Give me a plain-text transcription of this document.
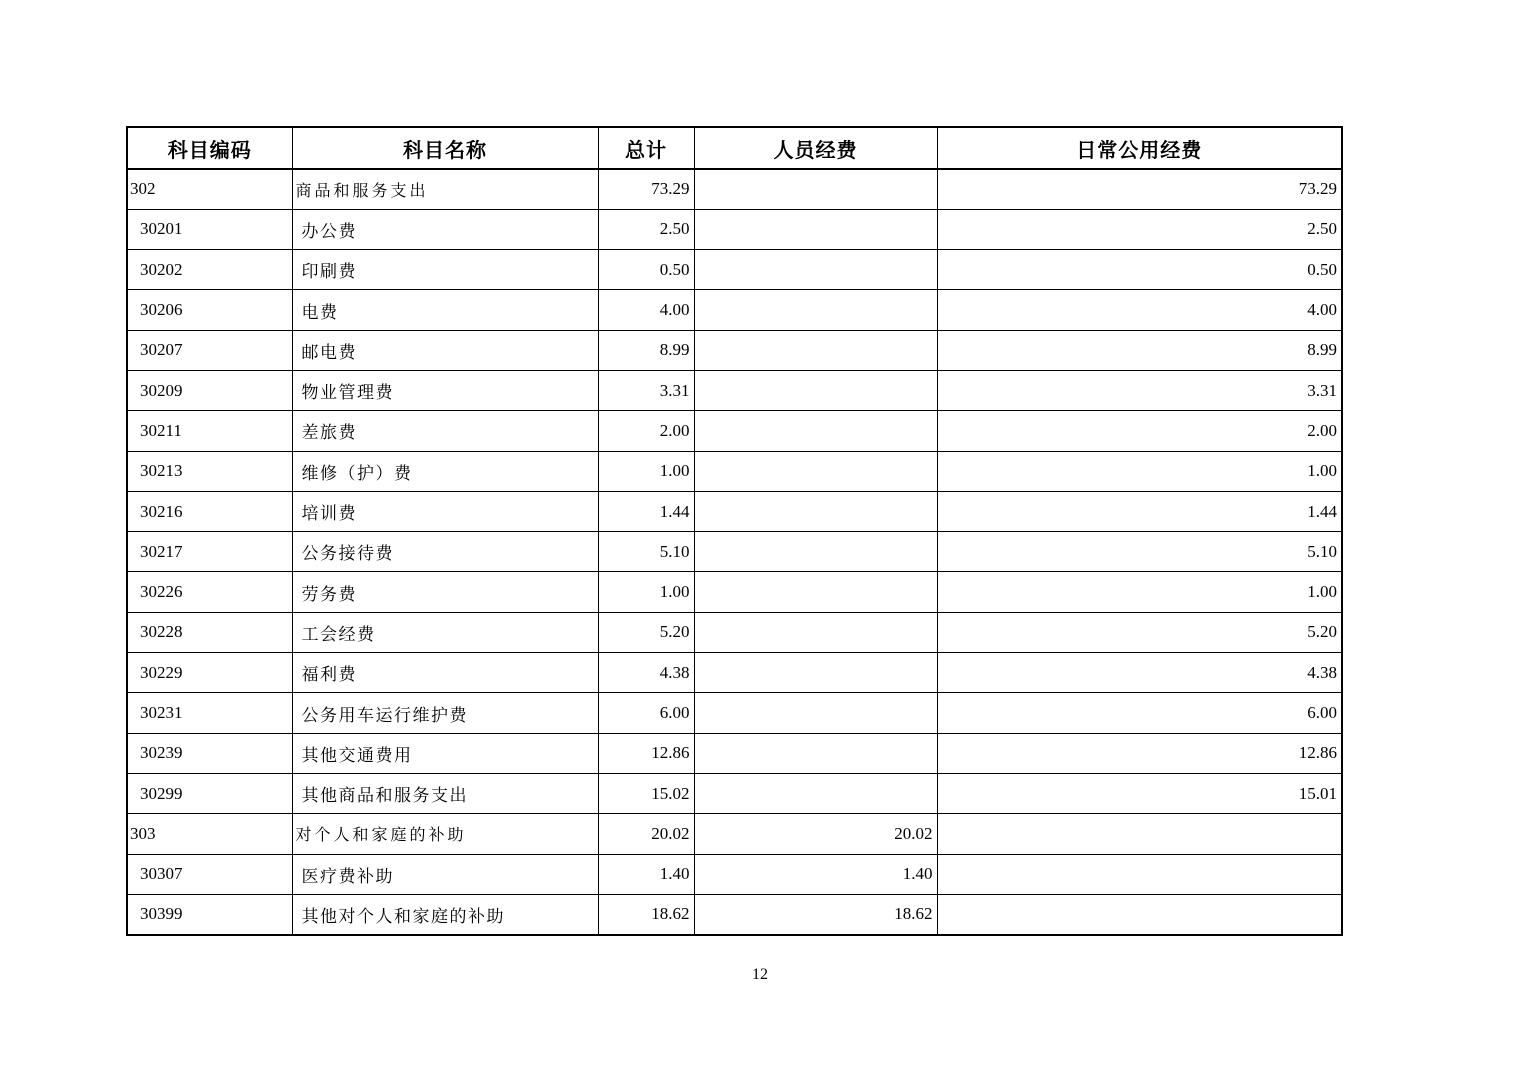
科目编码	科目名称	总计	人员经费	日常公用经费
302	商品和服务支出	73.29		73.29
30201	办公费	2.50		2.50
30202	印刷费	0.50		0.50
30206	电费	4.00		4.00
30207	邮电费	8.99		8.99
30209	物业管理费	3.31		3.31
30211	差旅费	2.00		2.00
30213	维修（护）费	1.00		1.00
30216	培训费	1.44		1.44
30217	公务接待费	5.10		5.10
30226	劳务费	1.00		1.00
30228	工会经费	5.20		5.20
30229	福利费	4.38		4.38
30231	公务用车运行维护费	6.00		6.00
30239	其他交通费用	12.86		12.86
30299	其他商品和服务支出	15.02		15.01
303	对个人和家庭的补助	20.02	20.02	
30307	医疗费补助	1.40	1.40	
30399	其他对个人和家庭的补助	18.62	18.62	
12
